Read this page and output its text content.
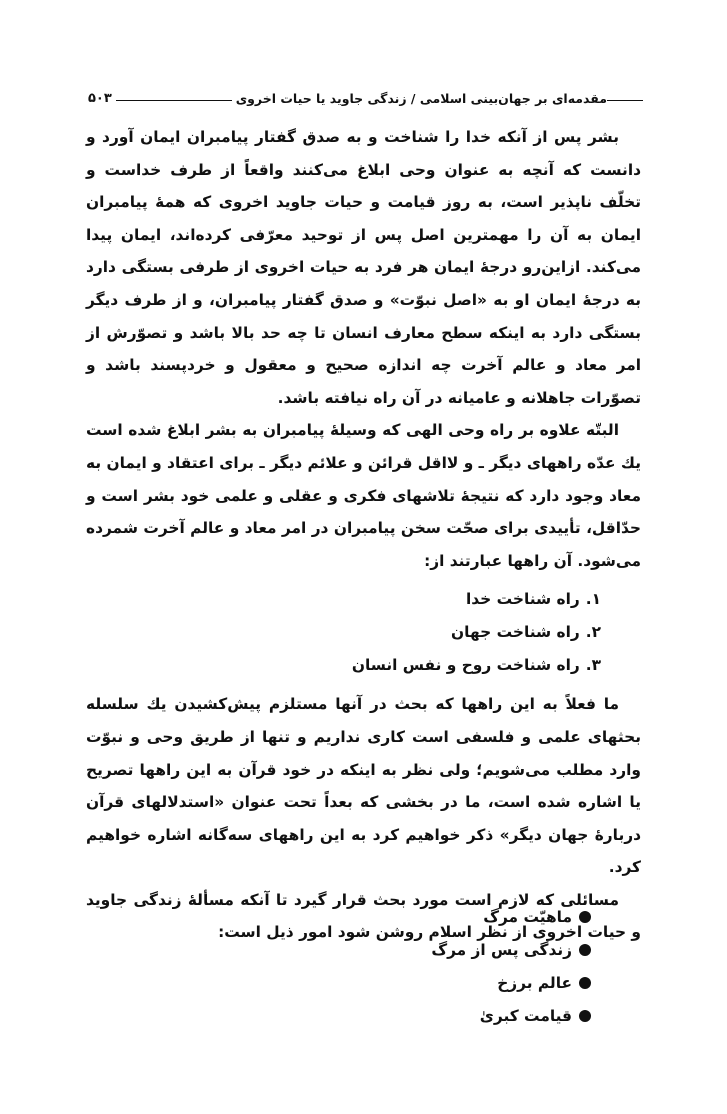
مقدمه‌ای بر جهان‌بینی اسلامی / زندگی جاوید یا حیات اخروی
۵۰۳

بشر پس از آنکه خدا را شناخت و به صدق گفتار پیامبران ایمان آورد و دانست که آنچه به عنوان وحی ابلاغ می‌کنند واقعاً از طرف خداست و تخلّف ناپذیر است، به روز قیامت و حیات جاوید اخروی که همهٔ پیامبران ایمان به آن را مهمترین اصل پس از توحید معرّفی کرده‌اند، ایمان پیدا می‌کند. ازاین‌رو درجهٔ ایمان هر فرد به حیات اخروی از طرفی بستگی دارد به درجهٔ ایمان او به «اصل نبوّت» و صدق گفتار پیامبران، و از طرف دیگر بستگی دارد به اینکه سطح معارف انسان تا چه حد بالا باشد و تصوّرش از امر معاد و عالم آخرت چه اندازه صحیح و معقول و خردپسند باشد و تصوّرات جاهلانه و عامیانه در آن راه نیافته باشد.

البتّه علاوه بر راه وحی الهی که وسیلهٔ پیامبران به بشر ابلاغ شده است یك عدّه راههای دیگر ـ و لااقل قرائن و علائم دیگر ـ برای اعتقاد و ایمان به معاد وجود دارد که نتیجهٔ تلاشهای فکری و عقلی و علمی خود بشر است و حدّاقل، تأییدی برای صحّت سخن پیامبران در امر معاد و عالم آخرت شمرده می‌شود. آن راهها عبارتند از:

۱.راه شناخت خدا
۲.راه شناخت جهان
۳.راه شناخت روح و نفس انسان

ما فعلاً به این راهها که بحث در آنها مستلزم پیش‌کشیدن یك سلسله بحثهای علمی و فلسفی است کاری نداریم و تنها از طریق وحی و نبوّت وارد مطلب می‌شویم؛ ولی نظر به اینکه در خود قرآن به این راهها تصریح یا اشاره شده است، ما در بخشی که بعداً تحت عنوان «استدلالهای قرآن دربارهٔ جهان دیگر» ذکر خواهیم کرد به این راههای سه‌گانه اشاره خواهیم کرد.

مسائلی که لازم است مورد بحث قرار گیرد تا آنکه مسألهٔ زندگی جاوید و حیات اخروی از نظر اسلام روشن شود امور ذیل است:

ماهیّت مرگ
زندگی پس از مرگ
عالم برزخ
قیامت کبریٰ
